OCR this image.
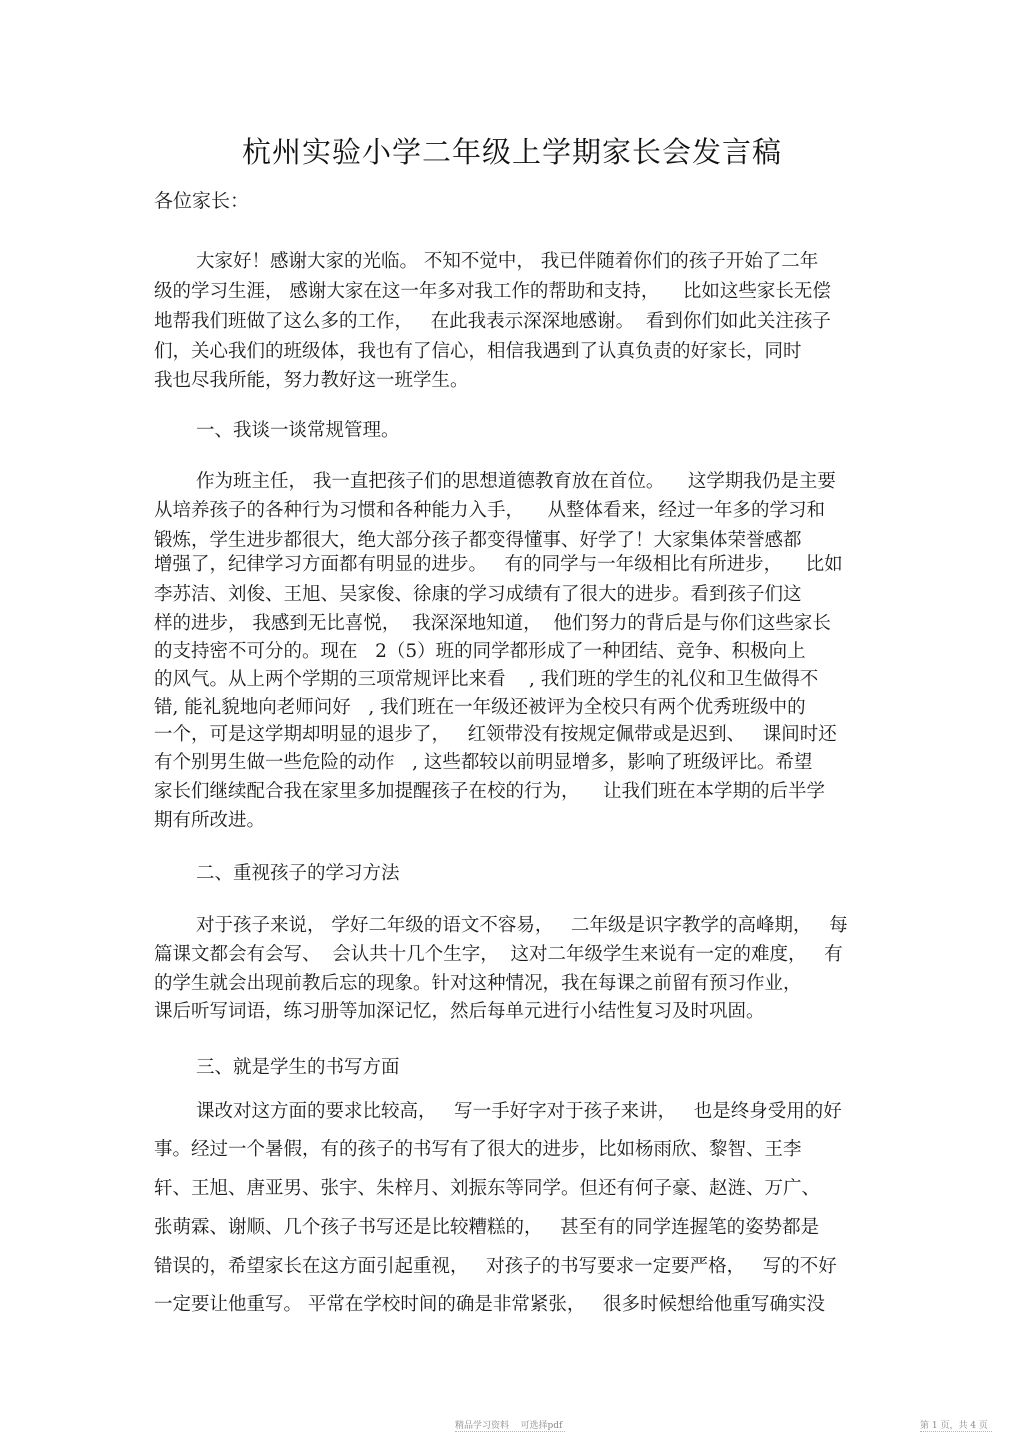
杭州实验小学二年级上学期家长会发言稿
各位家长：
大家好！感谢大家的光临。 不知不觉中， 我已伴随着你们的孩子开始了二年
级的学习生涯， 感谢大家在这一年多对我工作的帮助和支持，    比如这些家长无偿
地帮我们班做了这么多的工作，   在此我表示深深地感谢。  看到你们如此关注孩子
们，关心我们的班级体，我也有了信心，相信我遇到了认真负责的好家长，同时
我也尽我所能，努力教好这一班学生。
一、我谈一谈常规管理。
作为班主任， 我一直把孩子们的思想道德教育放在首位。    这学期我仍是主要
从培养孩子的各种行为习惯和各种能力入手，    从整体看来，经过一年多的学习和
锻炼，学生进步都很大，绝大部分孩子都变得懂事、好学了！大家集体荣誉感都
增强了，纪律学习方面都有明显的进步。   有的同学与一年级相比有所进步，    比如
李苏洁、刘俊、王旭、吴家俊、徐康的学习成绩有了很大的进步。看到孩子们这
样的进步， 我感到无比喜悦，  我深深地知道，  他们努力的背后是与你们这些家长
的支持密不可分的。现在   2（5）班的同学都形成了一种团结、竞争、积极向上
的风气。从上两个学期的三项常规评比来看    , 我们班的学生的礼仪和卫生做得不
错, 能礼貌地向老师问好   , 我们班在一年级还被评为全校只有两个优秀班级中的
一个，可是这学期却明显的退步了，   红领带没有按规定佩带或是迟到、   课间时还
有个别男生做一些危险的动作   , 这些都较以前明显增多，影响了班级评比。希望
家长们继续配合我在家里多加提醒孩子在校的行为，    让我们班在本学期的后半学
期有所改进。
二、重视孩子的学习方法
对于孩子来说， 学好二年级的语文不容易，   二年级是识字教学的高峰期，   每
篇课文都会有会写、  会认共十几个生字，  这对二年级学生来说有一定的难度，   有
的学生就会出现前教后忘的现象。针对这种情况，我在每课之前留有预习作业，
课后听写词语，练习册等加深记忆，然后每单元进行小结性复习及时巩固。
三、就是学生的书写方面
课改对这方面的要求比较高，   写一手好字对于孩子来讲，   也是终身受用的好
事。经过一个暑假，有的孩子的书写有了很大的进步，比如杨雨欣、黎智、王李
轩、王旭、唐亚男、张宇、朱梓月、刘振东等同学。但还有何子豪、赵涟、万广、
张萌霖、谢顺、几个孩子书写还是比较糟糕的，   甚至有的同学连握笔的姿势都是
错误的，希望家长在这方面引起重视，   对孩子的书写要求一定要严格，   写的不好
一定要让他重写。 平常在学校时间的确是非常紧张，   很多时候想给他重写确实没
精品学习资料    可选择pdf	第 1 页，共 4 页
